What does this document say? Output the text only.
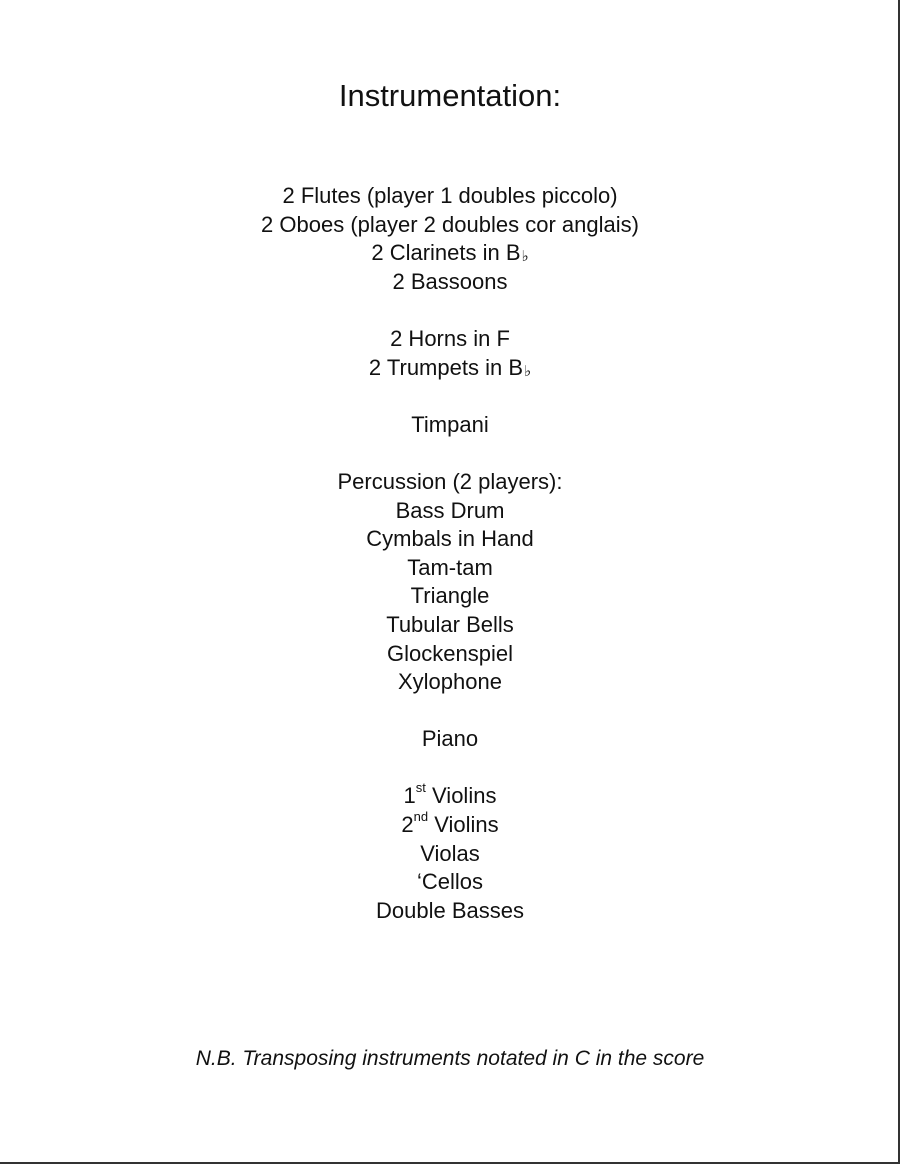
Instrumentation:
2 Flutes (player 1 doubles piccolo)
2 Oboes (player 2 doubles cor anglais)
2 Clarinets in B♭
2 Bassoons
2 Horns in F
2 Trumpets in B♭
Timpani
Percussion (2 players):
Bass Drum
Cymbals in Hand
Tam-tam
Triangle
Tubular Bells
Glockenspiel
Xylophone
Piano
1st Violins
2nd Violins
Violas
‘Cellos
Double Basses
N.B. Transposing instruments notated in C in the score
